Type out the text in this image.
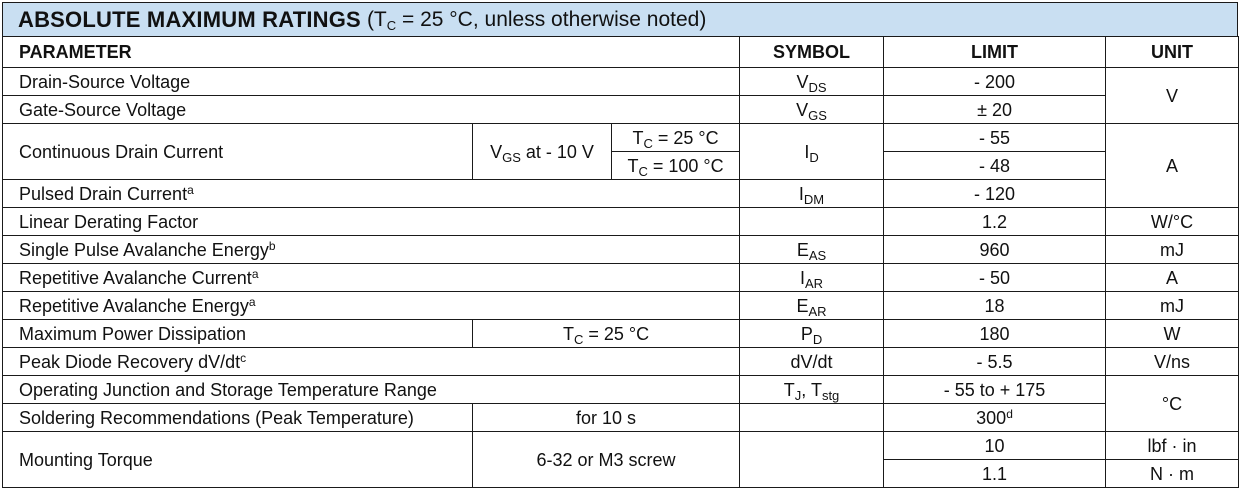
ABSOLUTE MAXIMUM RATINGS ($T_C = 25$ °C, unless otherwise noted)
PARAMETER			SYMBOL	LIMIT	UNIT
Drain-Source Voltage			$V_{DS}$	- 200	V
Gate-Source Voltage			$V_{GS}$	± 20	
Continuous Drain Current	$V_{GS}$ at - 10 V	$T_C = 25$ °C	$I_D$	- 55	A
		$T_C = 100$ °C		- 48	
Pulsed Drain Current$^a$			$I_{DM}$	- 120	
Linear Derating Factor				1.2	W/°C
Single Pulse Avalanche Energy$^b$			$E_{AS}$	960	mJ
Repetitive Avalanche Current$^a$			$I_{AR}$	- 50	A
Repetitive Avalanche Energy$^a$			$E_{AR}$	18	mJ
Maximum Power Dissipation	$T_C = 25$ °C		$P_D$	180	W
Peak Diode Recovery $dV/dt^c$			dV/dt	- 5.5	V/ns
Operating Junction and Storage Temperature Range			$T_J$, $T_{stg}$	- 55 to + 175	°C
Soldering Recommendations (Peak Temperature)	for 10 s			300$^d$
Mounting Torque	6-32 or M3 screw			10	lbf · in
				1.1	N · m
